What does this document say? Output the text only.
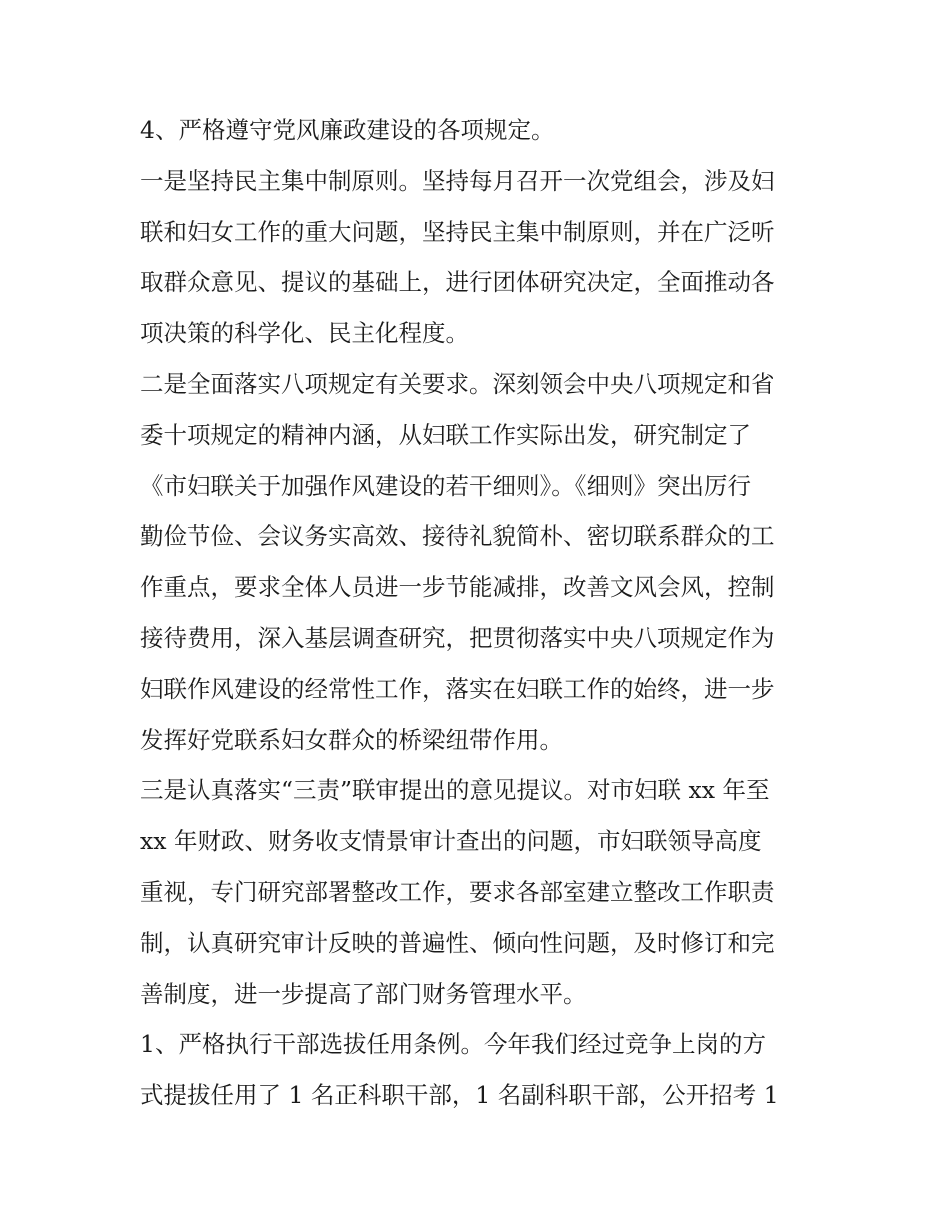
4、严格遵守党风廉政建设的各项规定。
一是坚持民主集中制原则。坚持每月召开一次党组会，涉及妇
联和妇女工作的重大问题，坚持民主集中制原则，并在广泛听
取群众意见、提议的基础上，进行团体研究决定，全面推动各
项决策的科学化、民主化程度。
二是全面落实八项规定有关要求。深刻领会中央八项规定和省
委十项规定的精神内涵，从妇联工作实际出发，研究制定了
《市妇联关于加强作风建设的若干细则》。《细则》突出厉行
勤俭节俭、会议务实高效、接待礼貌简朴、密切联系群众的工
作重点，要求全体人员进一步节能减排，改善文风会风，控制
接待费用，深入基层调查研究，把贯彻落实中央八项规定作为
妇联作风建设的经常性工作，落实在妇联工作的始终，进一步
发挥好党联系妇女群众的桥梁纽带作用。
三是认真落实“三责”联审提出的意见提议。对市妇联 xx 年至
xx 年财政、财务收支情景审计查出的问题，市妇联领导高度
重视，专门研究部署整改工作，要求各部室建立整改工作职责
制，认真研究审计反映的普遍性、倾向性问题，及时修订和完
善制度，进一步提高了部门财务管理水平。
1、严格执行干部选拔任用条例。今年我们经过竞争上岗的方
式提拔任用了 1 名正科职干部，1 名副科职干部，公开招考 1
